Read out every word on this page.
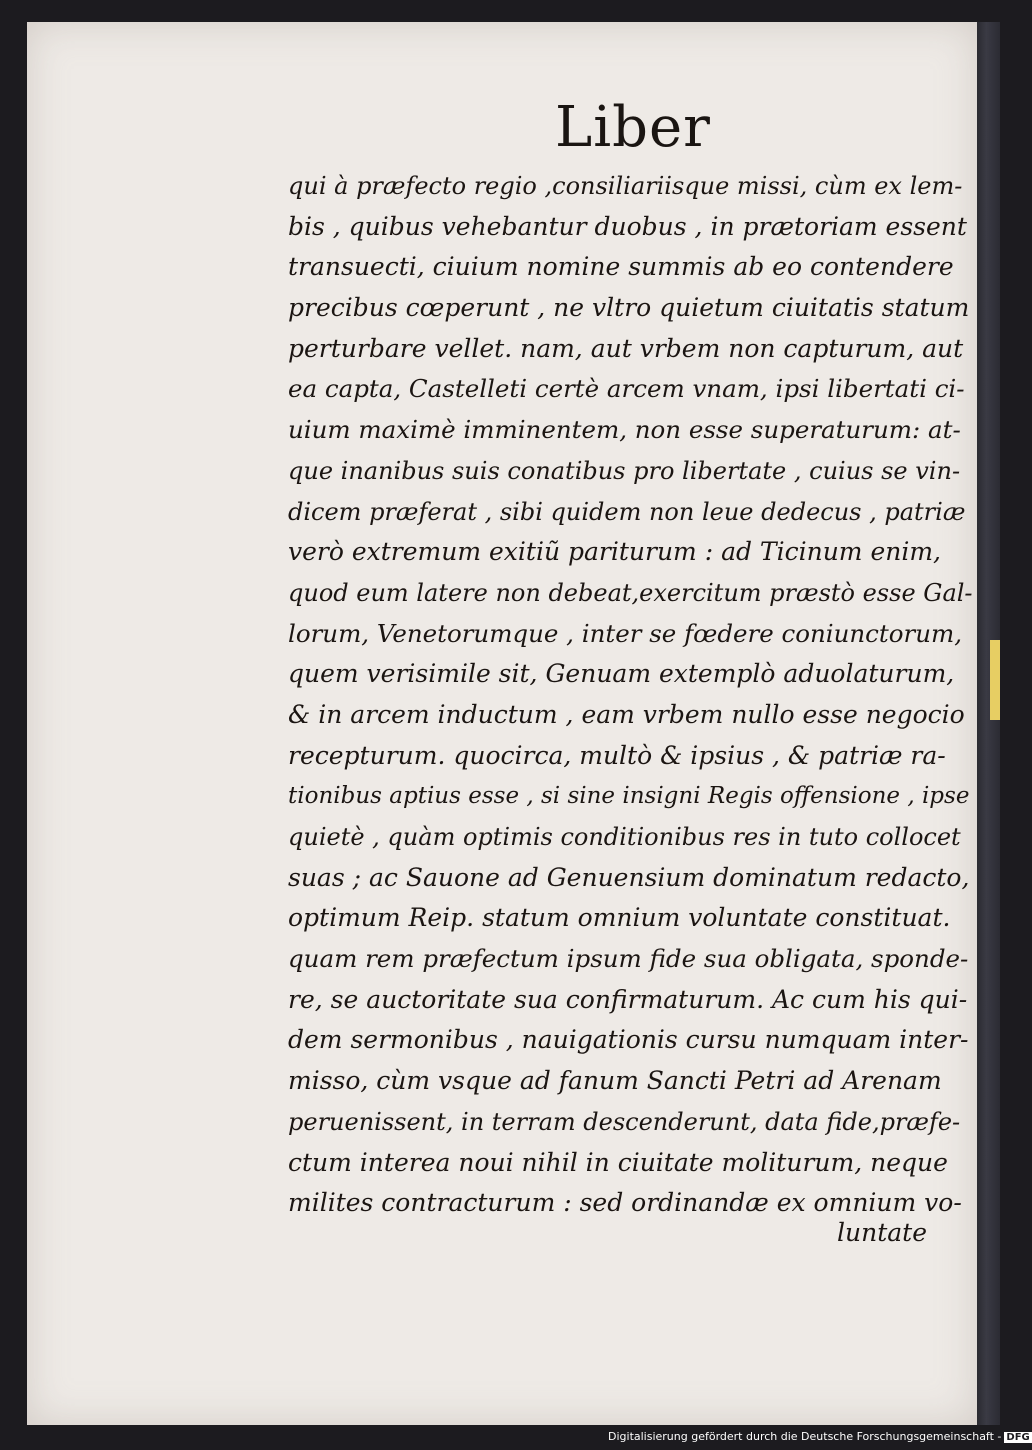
Liber
qui à præfecto regio ,consiliariisque missi, cùm ex lem-
bis , quibus vehebantur duobus , in prætoriam essent
transuecti, ciuium nomine summis ab eo contendere
precibus cœperunt , ne vltro quietum ciuitatis statum
perturbare vellet. nam, aut vrbem non capturum, aut
ea capta, Castelleti certè arcem vnam, ipsi libertati ci-
uium maximè imminentem, non esse superaturum: at-
que inanibus suis conatibus pro libertate , cuius se vin-
dicem præferat , sibi quidem non leue dedecus , patriæ
verò extremum exitiũ pariturum : ad Ticinum enim,
quod eum latere non debeat,exercitum præstò esse Gal-
lorum, Venetorumque , inter se fœdere coniunctorum,
quem verisimile sit, Genuam extemplò aduolaturum,
& in arcem inductum , eam vrbem nullo esse negocio
recepturum. quocirca, multò & ipsius , & patriæ ra-
tionibus aptius esse , si sine insigni Regis offensione , ipse
quietè , quàm optimis conditionibus res in tuto collocet
suas ; ac Sauone ad Genuensium dominatum redacto,
optimum Reip. statum omnium voluntate constituat.
quam rem præfectum ipsum fide sua obligata, sponde-
re, se auctoritate sua confirmaturum. Ac cum his qui-
dem sermonibus , nauigationis cursu numquam inter-
misso, cùm vsque ad fanum Sancti Petri ad Arenam
peruenissent, in terram descenderunt, data fide,præfe-
ctum interea noui nihil in ciuitate moliturum, neque
milites contracturum : sed ordinandæ ex omnium vo-
luntate
Digitalisierung gefördert durch die Deutsche Forschungsgemeinschaft - DFG
